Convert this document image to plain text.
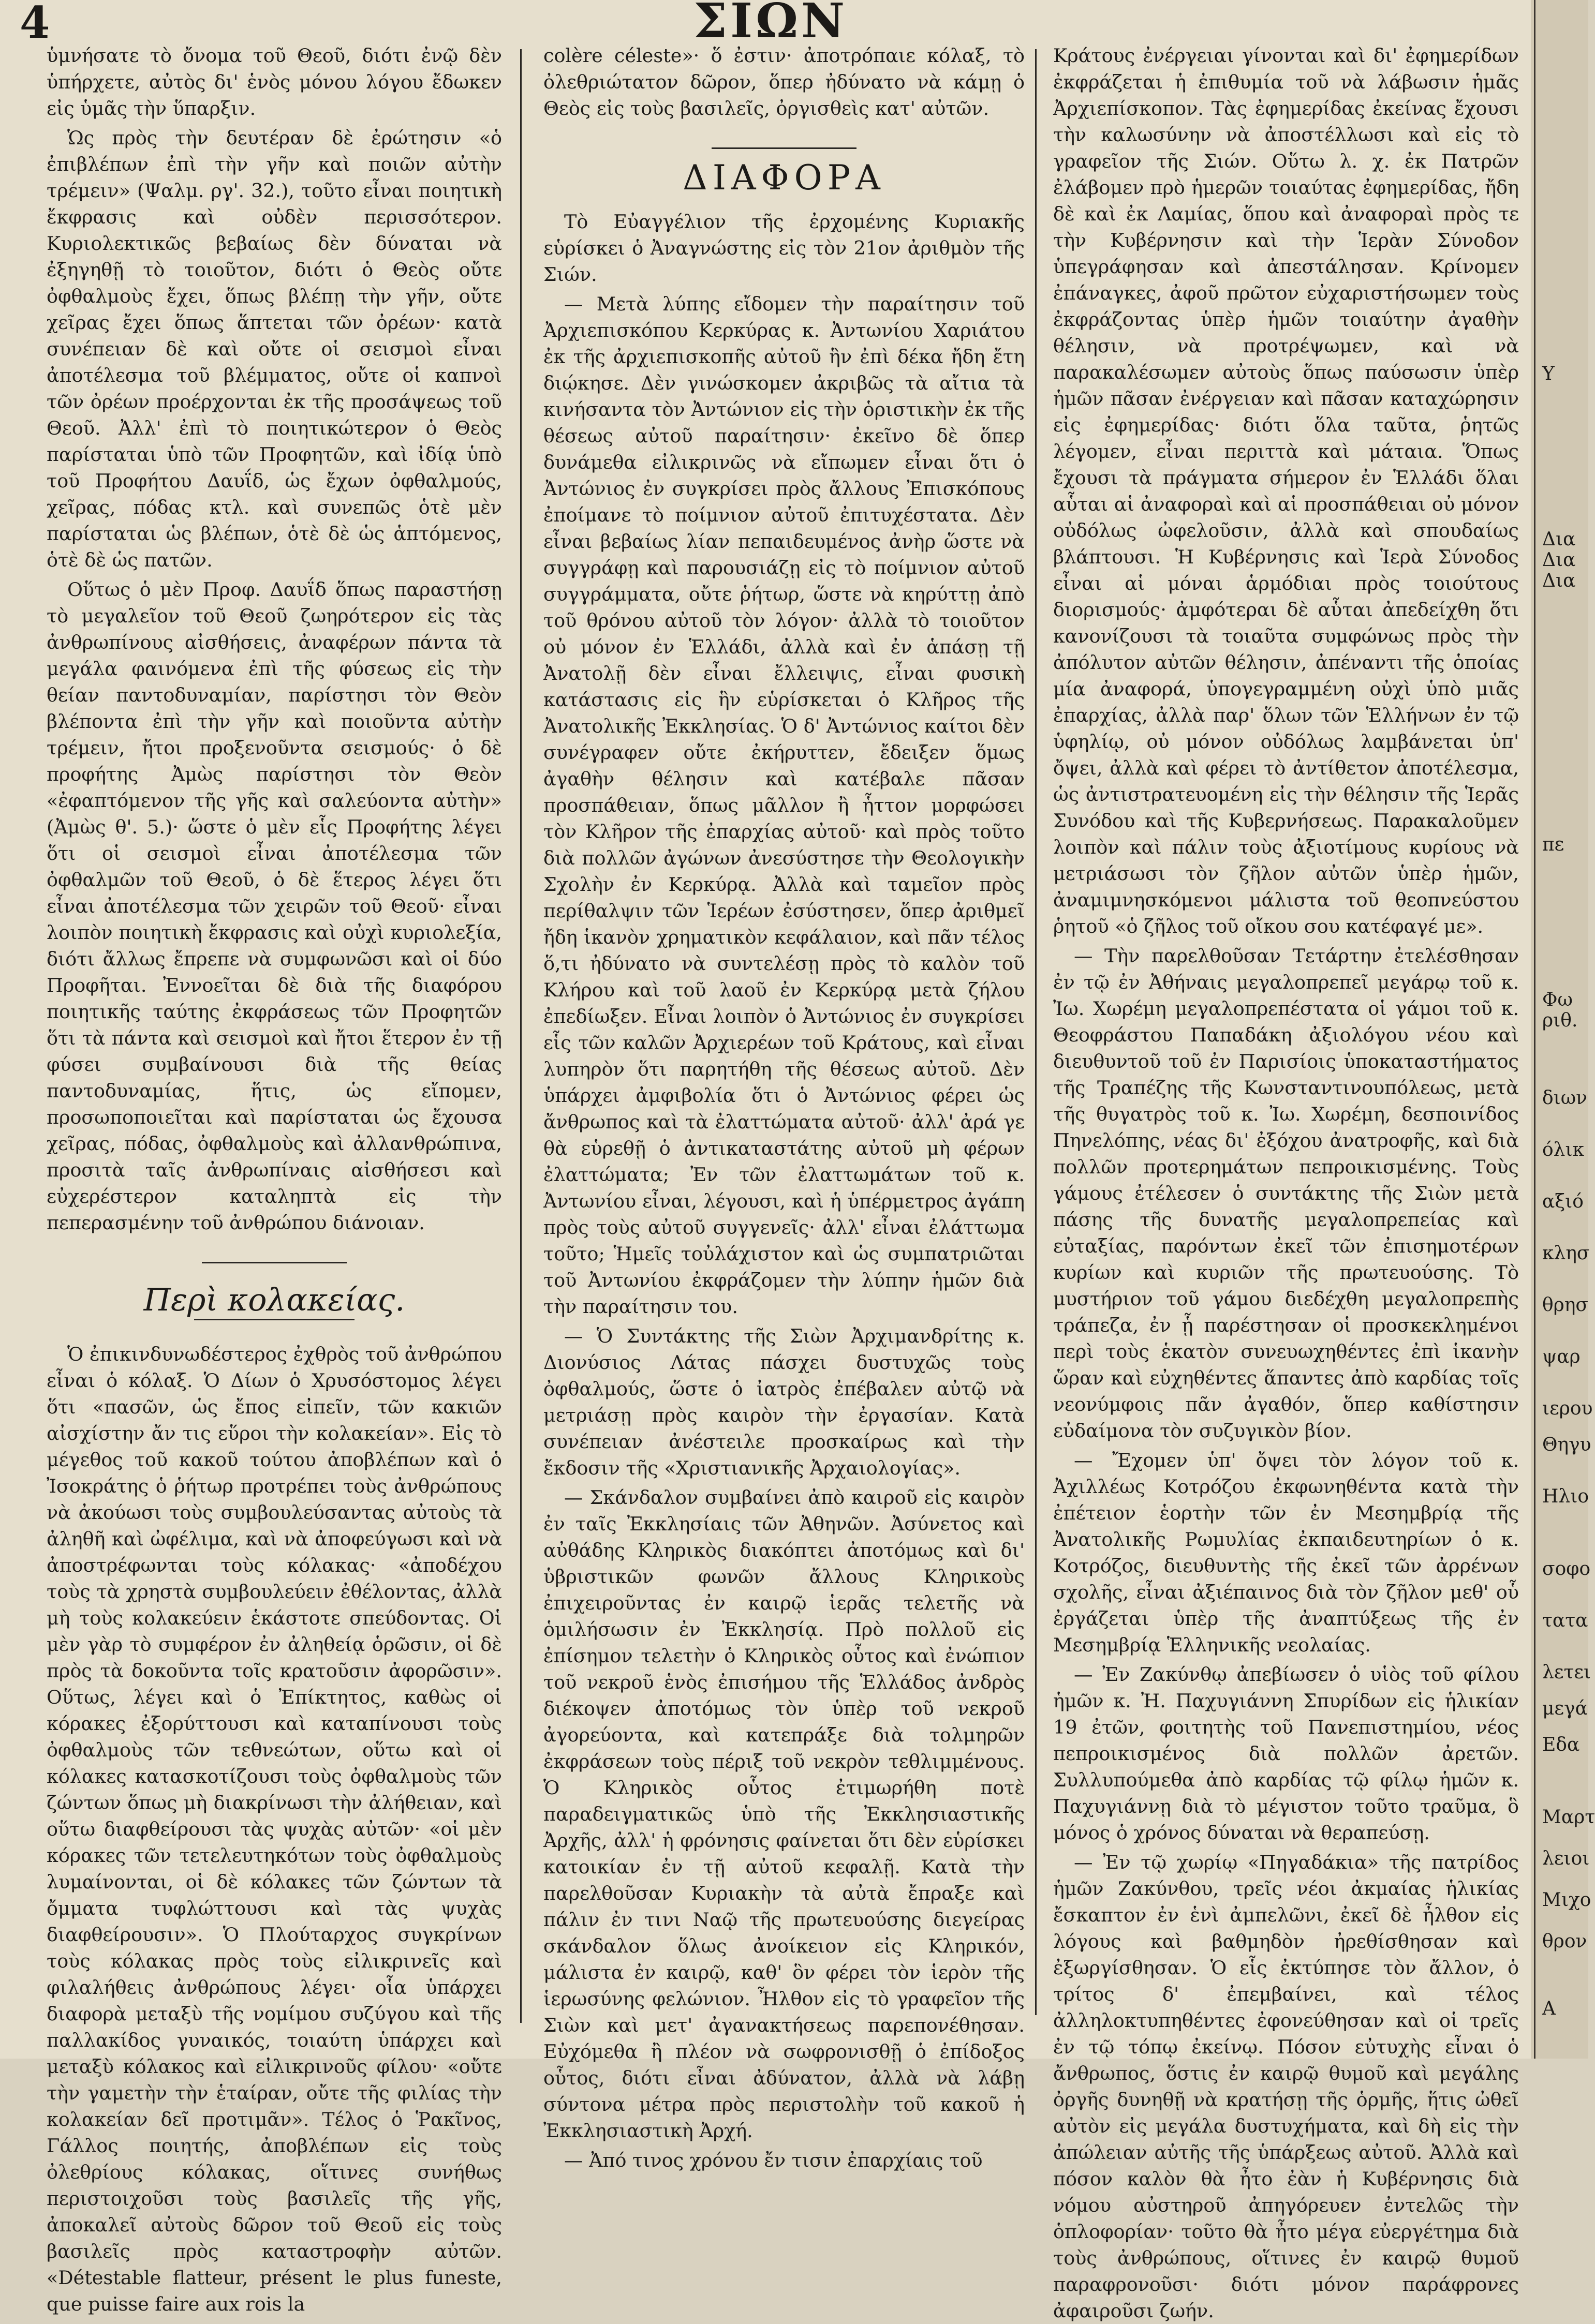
4	ΣΙΩΝ

ὑμνήσατε τὸ ὄνομα τοῦ Θεοῦ, διότι ἐνῷ δὲν ὑπήρχετε, αὐτὸς δι' ἑνὸς μόνου λόγου ἔδωκεν εἰς ὑμᾶς τὴν ὕπαρξιν.

Ὡς πρὸς τὴν δευτέραν δὲ ἐρώτησιν «ὁ ἐπιβλέπων ἐπὶ τὴν γῆν καὶ ποιῶν αὐτὴν τρέμειν» (Ψαλμ. ργ'. 32.), τοῦτο εἶναι ποιητικὴ ἔκφρασις καὶ οὐδὲν περισσότερον. Κυριολεκτικῶς βεβαίως δὲν δύναται νὰ ἐξηγηθῇ τὸ τοιοῦτον, διότι ὁ Θεὸς οὔτε ὀφθαλμοὺς ἔχει, ὅπως βλέπῃ τὴν γῆν, οὔτε χεῖρας ἔχει ὅπως ἅπτεται τῶν ὀρέων· κατὰ συνέπειαν δὲ καὶ οὔτε οἱ σεισμοὶ εἶναι ἀποτέλεσμα τοῦ βλέμματος, οὔτε οἱ καπνοὶ τῶν ὀρέων προέρχονται ἐκ τῆς προσάψεως τοῦ Θεοῦ. Ἀλλ' ἐπὶ τὸ ποιητικώτερον ὁ Θεὸς παρίσταται ὑπὸ τῶν Προφητῶν, καὶ ἰδίᾳ ὑπὸ τοῦ Προφήτου Δαυΐδ, ὡς ἔχων ὀφθαλμούς, χεῖρας, πόδας κτλ. καὶ συνεπῶς ὁτὲ μὲν παρίσταται ὡς βλέπων, ὁτὲ δὲ ὡς ἁπτόμενος, ὁτὲ δὲ ὡς πατῶν.

Οὕτως ὁ μὲν Προφ. Δαυΐδ ὅπως παραστήσῃ τὸ μεγαλεῖον τοῦ Θεοῦ ζωηρότερον εἰς τὰς ἀνθρωπίνους αἰσθήσεις, ἀναφέρων πάντα τὰ μεγάλα φαινόμενα ἐπὶ τῆς φύσεως εἰς τὴν θείαν παντοδυναμίαν, παρίστησι τὸν Θεὸν βλέποντα ἐπὶ τὴν γῆν καὶ ποιοῦντα αὐτὴν τρέμειν, ἤτοι προξενοῦντα σεισμούς· ὁ δὲ προφήτης Ἀμὼς παρίστησι τὸν Θεὸν «ἐφαπτόμενον τῆς γῆς καὶ σαλεύοντα αὐτὴν» (Ἀμὼς θ'. 5.)· ὥστε ὁ μὲν εἷς Προφήτης λέγει ὅτι οἱ σεισμοὶ εἶναι ἀποτέλεσμα τῶν ὀφθαλμῶν τοῦ Θεοῦ, ὁ δὲ ἕτερος λέγει ὅτι εἶναι ἀποτέλεσμα τῶν χειρῶν τοῦ Θεοῦ· εἶναι λοιπὸν ποιητικὴ ἔκφρασις καὶ οὐχὶ κυριολεξία, διότι ἄλλως ἔπρεπε νὰ συμφωνῶσι καὶ οἱ δύο Προφῆται. Ἐννοεῖται δὲ διὰ τῆς διαφόρου ποιητικῆς ταύτης ἐκφράσεως τῶν Προφητῶν ὅτι τὰ πάντα καὶ σεισμοὶ καὶ ἤτοι ἕτερον ἐν τῇ φύσει συμβαίνουσι διὰ τῆς θείας παντοδυναμίας, ἥτις, ὡς εἴπομεν, προσωποποιεῖται καὶ παρίσταται ὡς ἔχουσα χεῖρας, πόδας, ὀφθαλμοὺς καὶ ἀλλανθρώπινα, προσιτὰ ταῖς ἀνθρωπίναις αἰσθήσεσι καὶ εὐχερέστερον καταληπτὰ εἰς τὴν πεπερασμένην τοῦ ἀνθρώπου διάνοιαν.

Περὶ κολακείας.

Ὁ ἐπικινδυνωδέστερος ἐχθρὸς τοῦ ἀνθρώπου εἶναι ὁ κόλαξ. Ὁ Δίων ὁ Χρυσόστομος λέγει ὅτι «πασῶν, ὡς ἔπος εἰπεῖν, τῶν κακιῶν αἰσχίστην ἄν τις εὕροι τὴν κολακείαν». Εἰς τὸ μέγεθος τοῦ κακοῦ τούτου ἀποβλέπων καὶ ὁ Ἰσοκράτης ὁ ῥήτωρ προτρέπει τοὺς ἀνθρώπους νὰ ἀκούωσι τοὺς συμβουλεύσαντας αὐτοὺς τὰ ἀληθῆ καὶ ὠφέλιμα, καὶ νὰ ἀποφεύγωσι καὶ νὰ ἀποστρέφωνται τοὺς κόλακας· «ἀποδέχου τοὺς τὰ χρηστὰ συμβουλεύειν ἐθέλοντας, ἀλλὰ μὴ τοὺς κολακεύειν ἑκάστοτε σπεύδοντας. Οἱ μὲν γὰρ τὸ συμφέρον ἐν ἀληθείᾳ ὁρῶσιν, οἱ δὲ πρὸς τὰ δοκοῦντα τοῖς κρατοῦσιν ἀφορῶσιν». Οὕτως, λέγει καὶ ὁ Ἐπίκτητος, καθὼς οἱ κόρακες ἐξορύττουσι καὶ καταπίνουσι τοὺς ὀφθαλμοὺς τῶν τεθνεώτων, οὕτω καὶ οἱ κόλακες κατασκοτίζουσι τοὺς ὀφθαλμοὺς τῶν ζώντων ὅπως μὴ διακρίνωσι τὴν ἀλήθειαν, καὶ οὕτω διαφθείρουσι τὰς ψυχὰς αὐτῶν· «οἱ μὲν κόρακες τῶν τετελευτηκότων τοὺς ὀφθαλμοὺς λυμαίνονται, οἱ δὲ κόλακες τῶν ζώντων τὰ ὄμματα τυφλώττουσι καὶ τὰς ψυχὰς διαφθείρουσιν». Ὁ Πλούταρχος συγκρίνων τοὺς κόλακας πρὸς τοὺς εἰλικρινεῖς καὶ φιλαλήθεις ἀνθρώπους λέγει· οἷα ὑπάρχει διαφορὰ μεταξὺ τῆς νομίμου συζύγου καὶ τῆς παλλακίδος γυναικός, τοιαύτη ὑπάρχει καὶ μεταξὺ κόλακος καὶ εἰλικρινοῦς φίλου· «οὔτε τὴν γαμετὴν τὴν ἑταίραν, οὔτε τῆς φιλίας τὴν κολακείαν δεῖ προτιμᾶν». Τέλος ὁ Ῥακῖνος, Γάλλος ποιητής, ἀποβλέπων εἰς τοὺς ὀλεθρίους κόλακας, οἵτινες συνήθως περιστοιχοῦσι τοὺς βασιλεῖς τῆς γῆς, ἀποκαλεῖ αὐτοὺς δῶρον τοῦ Θεοῦ εἰς τοὺς βασιλεῖς πρὸς καταστροφὴν αὐτῶν. «Détestable flatteur, présent le plus funeste, que puisse faire aux rois la

colère céleste»· ὅ ἐστιν· ἀποτρόπαιε κόλαξ, τὸ ὀλεθριώτατον δῶρον, ὅπερ ἠδύνατο νὰ κάμῃ ὁ Θεὸς εἰς τοὺς βασιλεῖς, ὀργισθεὶς κατ' αὐτῶν.

ΔΙΑΦΟΡΑ

Τὸ Εὐαγγέλιον τῆς ἐρχομένης Κυριακῆς εὑρίσκει ὁ Ἀναγνώστης εἰς τὸν 21ον ἀριθμὸν τῆς Σιών.

— Μετὰ λύπης εἴδομεν τὴν παραίτησιν τοῦ Ἀρχιεπισκόπου Κερκύρας κ. Ἀντωνίου Χαριάτου ἐκ τῆς ἀρχιεπισκοπῆς αὐτοῦ ἣν ἐπὶ δέκα ἤδη ἔτη διῴκησε. Δὲν γινώσκομεν ἀκριβῶς τὰ αἴτια τὰ κινήσαντα τὸν Ἀντώνιον εἰς τὴν ὁριστικὴν ἐκ τῆς θέσεως αὐτοῦ παραίτησιν· ἐκεῖνο δὲ ὅπερ δυνάμεθα εἰλικρινῶς νὰ εἴπωμεν εἶναι ὅτι ὁ Ἀντώνιος ἐν συγκρίσει πρὸς ἄλλους Ἐπισκόπους ἐποίμανε τὸ ποίμνιον αὐτοῦ ἐπιτυχέστατα. Δὲν εἶναι βεβαίως λίαν πεπαιδευμένος ἀνὴρ ὥστε νὰ συγγράφῃ καὶ παρουσιάζῃ εἰς τὸ ποίμνιον αὐτοῦ συγγράμματα, οὔτε ῥήτωρ, ὥστε νὰ κηρύττῃ ἀπὸ τοῦ θρόνου αὐτοῦ τὸν λόγον· ἀλλὰ τὸ τοιοῦτον οὐ μόνον ἐν Ἑλλάδι, ἀλλὰ καὶ ἐν ἁπάσῃ τῇ Ἀνατολῇ δὲν εἶναι ἔλλειψις, εἶναι φυσικὴ κατάστασις εἰς ἣν εὑρίσκεται ὁ Κλῆρος τῆς Ἀνατολικῆς Ἐκκλησίας. Ὁ δ' Ἀντώνιος καίτοι δὲν συνέγραφεν οὔτε ἐκήρυττεν, ἔδειξεν ὅμως ἀγαθὴν θέλησιν καὶ κατέβαλε πᾶσαν προσπάθειαν, ὅπως μᾶλλον ἢ ἧττον μορφώσει τὸν Κλῆρον τῆς ἐπαρχίας αὐτοῦ· καὶ πρὸς τοῦτο διὰ πολλῶν ἀγώνων ἀνεσύστησε τὴν Θεολογικὴν Σχολὴν ἐν Κερκύρᾳ. Ἀλλὰ καὶ ταμεῖον πρὸς περίθαλψιν τῶν Ἱερέων ἐσύστησεν, ὅπερ ἀριθμεῖ ἤδη ἱκανὸν χρηματικὸν κεφάλαιον, καὶ πᾶν τέλος ὅ,τι ἠδύνατο νὰ συντελέσῃ πρὸς τὸ καλὸν τοῦ Κλήρου καὶ τοῦ λαοῦ ἐν Κερκύρᾳ μετὰ ζήλου ἐπεδίωξεν. Εἶναι λοιπὸν ὁ Ἀντώνιος ἐν συγκρίσει εἷς τῶν καλῶν Ἀρχιερέων τοῦ Κράτους, καὶ εἶναι λυπηρὸν ὅτι παρητήθη τῆς θέσεως αὐτοῦ. Δὲν ὑπάρχει ἀμφιβολία ὅτι ὁ Ἀντώνιος φέρει ὡς ἄνθρωπος καὶ τὰ ἐλαττώματα αὐτοῦ· ἀλλ' ἀρά γε θὰ εὑρεθῇ ὁ ἀντικαταστάτης αὐτοῦ μὴ φέρων ἐλαττώματα; Ἐν τῶν ἐλαττωμάτων τοῦ κ. Ἀντωνίου εἶναι, λέγουσι, καὶ ἡ ὑπέρμετρος ἀγάπη πρὸς τοὺς αὐτοῦ συγγενεῖς· ἀλλ' εἶναι ἐλάττωμα τοῦτο; Ἡμεῖς τοὐλάχιστον καὶ ὡς συμπατριῶται τοῦ Ἀντωνίου ἐκφράζομεν τὴν λύπην ἡμῶν διὰ τὴν παραίτησιν του.

— Ὁ Συντάκτης τῆς Σιὼν Ἀρχιμανδρίτης κ. Διονύσιος Λάτας πάσχει δυστυχῶς τοὺς ὀφθαλμούς, ὥστε ὁ ἰατρὸς ἐπέβαλεν αὐτῷ νὰ μετριάσῃ πρὸς καιρὸν τὴν ἐργασίαν. Κατὰ συνέπειαν ἀνέστειλε προσκαίρως καὶ τὴν ἔκδοσιν τῆς «Χριστιανικῆς Ἀρχαιολογίας».

— Σκάνδαλον συμβαίνει ἀπὸ καιροῦ εἰς καιρὸν ἐν ταῖς Ἐκκλησίαις τῶν Ἀθηνῶν. Ἀσύνετος καὶ αὐθάδης Κληρικὸς διακόπτει ἀποτόμως καὶ δι' ὑβριστικῶν φωνῶν ἄλλους Κληρικοὺς ἐπιχειροῦντας ἐν καιρῷ ἱερᾶς τελετῆς νὰ ὁμιλήσωσιν ἐν Ἐκκλησίᾳ. Πρὸ πολλοῦ εἰς ἐπίσημον τελετὴν ὁ Κληρικὸς οὗτος καὶ ἐνώπιον τοῦ νεκροῦ ἑνὸς ἐπισήμου τῆς Ἑλλάδος ἀνδρὸς διέκοψεν ἀποτόμως τὸν ὑπὲρ τοῦ νεκροῦ ἀγορεύοντα, καὶ κατεπράξε διὰ τολμηρῶν ἐκφράσεων τοὺς πέριξ τοῦ νεκρὸν τεθλιμμένους. Ὁ Κληρικὸς οὗτος ἐτιμωρήθη ποτὲ παραδειγματικῶς ὑπὸ τῆς Ἐκκλησιαστικῆς Ἀρχῆς, ἀλλ' ἡ φρόνησις φαίνεται ὅτι δὲν εὑρίσκει κατοικίαν ἐν τῇ αὐτοῦ κεφαλῇ. Κατὰ τὴν παρελθοῦσαν Κυριακὴν τὰ αὐτὰ ἔπραξε καὶ πάλιν ἐν τινι Ναῷ τῆς πρωτευούσης διεγείρας σκάνδαλον ὅλως ἀνοίκειον εἰς Κληρικόν, μάλιστα ἐν καιρῷ, καθ' ὃν φέρει τὸν ἱερὸν τῆς ἱερωσύνης φελώνιον. Ἦλθον εἰς τὸ γραφεῖον τῆς Σιὼν καὶ μετ' ἀγανακτήσεως παρεπονέθησαν. Εὐχόμεθα ἢ πλέον νὰ σωφρονισθῇ ὁ ἐπίδοξος οὗτος, διότι εἶναι ἀδύνατον, ἀλλὰ νὰ λάβῃ σύντονα μέτρα πρὸς περιστολὴν τοῦ κακοῦ ἡ Ἐκκλησιαστικὴ Ἀρχή.

— Ἀπό τινος χρόνου ἔν τισιν ἐπαρχίαις τοῦ

Κράτους ἐνέργειαι γίνονται καὶ δι' ἐφημερίδων ἐκφράζεται ἡ ἐπιθυμία τοῦ νὰ λάβωσιν ἡμᾶς Ἀρχιεπίσκοπον. Τὰς ἐφημερίδας ἐκείνας ἔχουσι τὴν καλωσύνην νὰ ἀποστέλλωσι καὶ εἰς τὸ γραφεῖον τῆς Σιών. Οὕτω λ. χ. ἐκ Πατρῶν ἐλάβομεν πρὸ ἡμερῶν τοιαύτας ἐφημερίδας, ἤδη δὲ καὶ ἐκ Λαμίας, ὅπου καὶ ἀναφοραὶ πρὸς τε τὴν Κυβέρνησιν καὶ τὴν Ἱερὰν Σύνοδον ὑπεγράφησαν καὶ ἀπεστάλησαν. Κρίνομεν ἐπάναγκες, ἀφοῦ πρῶτον εὐχαριστήσωμεν τοὺς ἐκφράζοντας ὑπὲρ ἡμῶν τοιαύτην ἀγαθὴν θέλησιν, νὰ προτρέψωμεν, καὶ νὰ παρακαλέσωμεν αὐτοὺς ὅπως παύσωσιν ὑπὲρ ἡμῶν πᾶσαν ἐνέργειαν καὶ πᾶσαν καταχώρησιν εἰς ἐφημερίδας· διότι ὅλα ταῦτα, ῥητῶς λέγομεν, εἶναι περιττὰ καὶ μάταια. Ὅπως ἔχουσι τὰ πράγματα σήμερον ἐν Ἑλλάδι ὅλαι αὗται αἱ ἀναφοραὶ καὶ αἱ προσπάθειαι οὐ μόνον οὐδόλως ὠφελοῦσιν, ἀλλὰ καὶ σπουδαίως βλάπτουσι. Ἡ Κυβέρνησις καὶ Ἱερὰ Σύνοδος εἶναι αἱ μόναι ἁρμόδιαι πρὸς τοιούτους διορισμούς· ἀμφότεραι δὲ αὗται ἀπεδείχθη ὅτι κανονίζουσι τὰ τοιαῦτα συμφώνως πρὸς τὴν ἀπόλυτον αὐτῶν θέλησιν, ἀπέναντι τῆς ὁποίας μία ἀναφορά, ὑπογεγραμμένη οὐχὶ ὑπὸ μιᾶς ἐπαρχίας, ἀλλὰ παρ' ὅλων τῶν Ἑλλήνων ἐν τῷ ὑφηλίῳ, οὐ μόνον οὐδόλως λαμβάνεται ὑπ' ὄψει, ἀλλὰ καὶ φέρει τὸ ἀντίθετον ἀποτέλεσμα, ὡς ἀντιστρατευομένη εἰς τὴν θέλησιν τῆς Ἱερᾶς Συνόδου καὶ τῆς Κυβερνήσεως. Παρακαλοῦμεν λοιπὸν καὶ πάλιν τοὺς ἀξιοτίμους κυρίους νὰ μετριάσωσι τὸν ζῆλον αὐτῶν ὑπὲρ ἡμῶν, ἀναμιμνησκόμενοι μάλιστα τοῦ θεοπνεύστου ῥητοῦ «ὁ ζῆλος τοῦ οἴκου σου κατέφαγέ με».

— Τὴν παρελθοῦσαν Τετάρτην ἐτελέσθησαν ἐν τῷ ἐν Ἀθήναις μεγαλοπρεπεῖ μεγάρῳ τοῦ κ. Ἰω. Χωρέμη μεγαλοπρεπέστατα οἱ γάμοι τοῦ κ. Θεοφράστου Παπαδάκη ἀξιολόγου νέου καὶ διευθυντοῦ τοῦ ἐν Παρισίοις ὑποκαταστήματος τῆς Τραπέζης τῆς Κωνσταντινουπόλεως, μετὰ τῆς θυγατρὸς τοῦ κ. Ἰω. Χωρέμη, δεσποινίδος Πηνελόπης, νέας δι' ἐξόχου ἀνατροφῆς, καὶ διὰ πολλῶν προτερημάτων πεπροικισμένης. Τοὺς γάμους ἐτέλεσεν ὁ συντάκτης τῆς Σιὼν μετὰ πάσης τῆς δυνατῆς μεγαλοπρεπείας καὶ εὐταξίας, παρόντων ἐκεῖ τῶν ἐπισημοτέρων κυρίων καὶ κυριῶν τῆς πρωτευούσης. Τὸ μυστήριον τοῦ γάμου διεδέχθη μεγαλοπρεπὴς τράπεζα, ἐν ᾗ παρέστησαν οἱ προσκεκλημένοι περὶ τοὺς ἑκατὸν συνευωχηθέντες ἐπὶ ἱκανὴν ὥραν καὶ εὐχηθέντες ἅπαντες ἀπὸ καρδίας τοῖς νεονύμφοις πᾶν ἀγαθόν, ὅπερ καθίστησιν εὐδαίμονα τὸν συζυγικὸν βίον.

— Ἔχομεν ὑπ' ὄψει τὸν λόγον τοῦ κ. Ἀχιλλέως Κοτρόζου ἐκφωνηθέντα κατὰ τὴν ἐπέτειον ἑορτὴν τῶν ἐν Μεσημβρίᾳ τῆς Ἀνατολικῆς Ρωμυλίας ἐκπαιδευτηρίων ὁ κ. Κοτρόζος, διευθυντὴς τῆς ἐκεῖ τῶν ἀρρένων σχολῆς, εἶναι ἀξιέπαινος διὰ τὸν ζῆλον μεθ' οὗ ἐργάζεται ὑπὲρ τῆς ἀναπτύξεως τῆς ἐν Μεσημβρίᾳ Ἑλληνικῆς νεολαίας.

— Ἐν Ζακύνθῳ ἀπεβίωσεν ὁ υἱὸς τοῦ φίλου ἡμῶν κ. Ἠ. Παχυγιάννη Σπυρίδων εἰς ἡλικίαν 19 ἐτῶν, φοιτητὴς τοῦ Πανεπιστημίου, νέος πεπροικισμένος διὰ πολλῶν ἀρετῶν. Συλλυπούμεθα ἀπὸ καρδίας τῷ φίλῳ ἡμῶν κ. Παχυγιάννῃ διὰ τὸ μέγιστον τοῦτο τραῦμα, ὃ μόνος ὁ χρόνος δύναται νὰ θεραπεύσῃ.

— Ἐν τῷ χωρίῳ «Πηγαδάκια» τῆς πατρίδος ἡμῶν Ζακύνθου, τρεῖς νέοι ἀκμαίας ἡλικίας ἔσκαπτον ἐν ἑνὶ ἀμπελῶνι, ἐκεῖ δὲ ἦλθον εἰς λόγους καὶ βαθμηδὸν ἠρεθίσθησαν καὶ ἐξωργίσθησαν. Ὁ εἷς ἐκτύπησε τὸν ἄλλον, ὁ τρίτος δ' ἐπεμβαίνει, καὶ τέλος ἀλληλοκτυπηθέντες ἐφονεύθησαν καὶ οἱ τρεῖς ἐν τῷ τόπῳ ἐκείνῳ. Πόσον εὐτυχὴς εἶναι ὁ ἄνθρωπος, ὅστις ἐν καιρῷ θυμοῦ καὶ μεγάλης ὀργῆς δυνηθῇ νὰ κρατήσῃ τῆς ὁρμῆς, ἥτις ὠθεῖ αὐτὸν εἰς μεγάλα δυστυχήματα, καὶ δὴ εἰς τὴν ἀπώλειαν αὐτῆς τῆς ὑπάρξεως αὐτοῦ. Ἀλλὰ καὶ πόσον καλὸν θὰ ἦτο ἐὰν ἡ Κυβέρνησις διὰ νόμου αὐστηροῦ ἀπηγόρευεν ἐντελῶς τὴν ὁπλοφορίαν· τοῦτο θὰ ἦτο μέγα εὐεργέτημα διὰ τοὺς ἀνθρώπους, οἵτινες ἐν καιρῷ θυμοῦ παραφρονοῦσι· διότι μόνον παράφρονες ἀφαιροῦσι ζωήν.

Υ
Δια
Δια
Δια
πε
Φω
ριθ.
διων
όλικ
αξιό
κλησ
θρησ
ψαρ
ιερου
Θηγυ
Ηλιο
σοφο
τατα
λετει
μεγά
Εδα
Μαρτ
λειοι
Μιχο
θρον
Α
